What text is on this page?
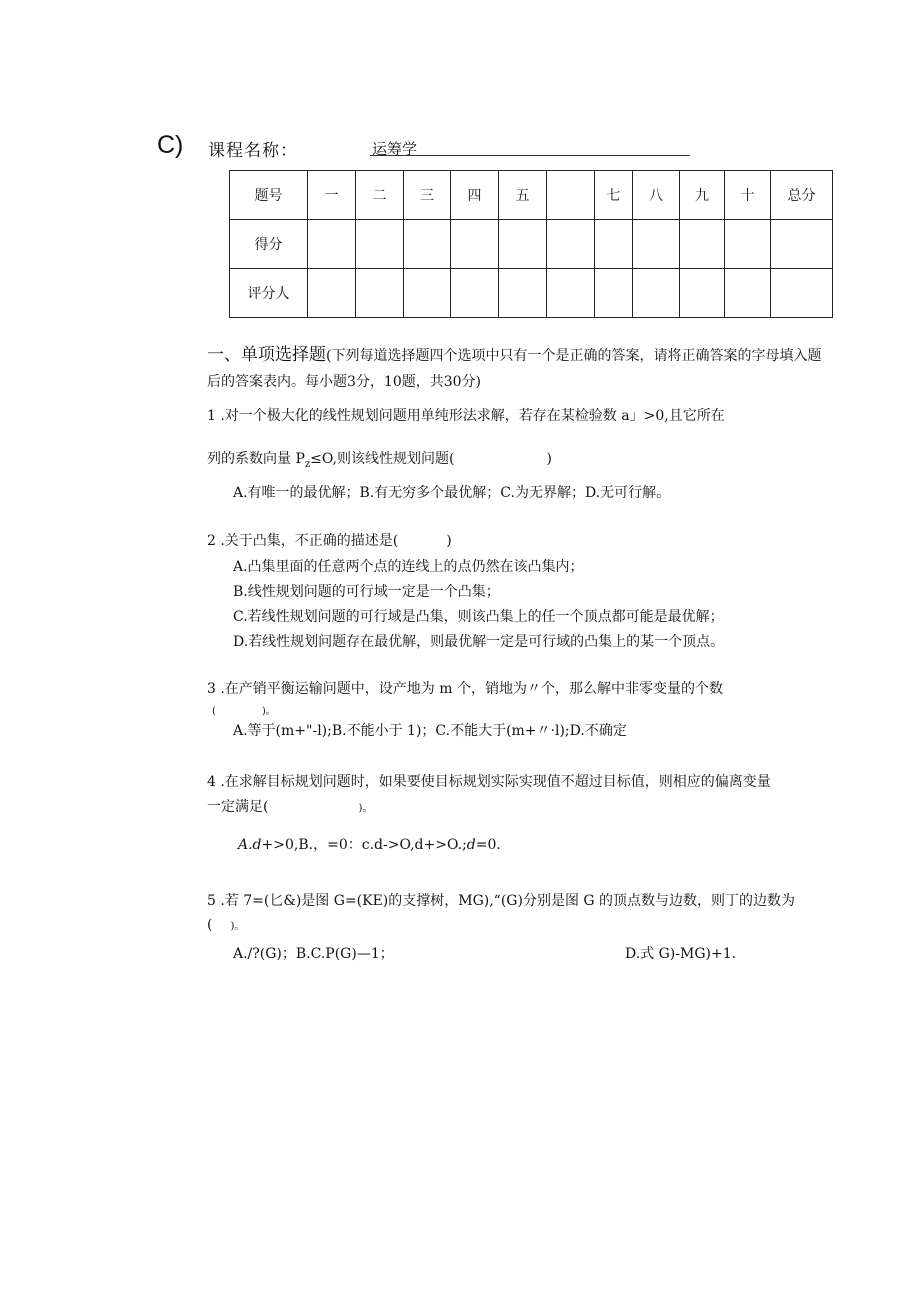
C) 课程名称：	运筹学
题号	一	二	三	四	五		七	八	九	十	总分
得分											
评分人											
一、单项选择题(下列每道选择题四个选项中只有一个是正确的答案，请将正确答案的字母填入题后的答案表内。每小题3分，10题，共30分)
1 .对一个极大化的线性规划问题用单纯形法求解，若存在某检验数 a」>0,且它所在
列的系数向量 $P_z\le O$,则该线性规划问题(	)
A.有唯一的最优解；B.有无穷多个最优解；C.为无界解；D.无可行解。
2 .关于凸集，不正确的描述是(	)
A.凸集里面的任意两个点的连线上的点仍然在该凸集内；
B.线性规划问题的可行域一定是一个凸集；
C.若线性规划问题的可行域是凸集，则该凸集上的任一个顶点都可能是最优解；
D.若线性规划问题存在最优解，则最优解一定是可行域的凸集上的某一个顶点。
3 .在产销平衡运输问题中，设产地为 m 个，销地为〃个，那么解中非零变量的个数
(	)。
A.等于(m+"-l);B.不能小于 1)；C.不能大于(m+〃·l);D.不确定
4 .在求解目标规划问题时，如果要使目标规划实际实现值不超过目标值，则相应的偏离变量
一定满足(	)。
A.d+>0,B.，=0：c.d->O,d+>O.;d=0.
5 .若 7=(匕&)是图 G=(KE)的支撑树，MG),“(G)分别是图 G 的顶点数与边数，则丁的边数为
( )。
A./?(G)；B.C.P(G)—1；	D.式 G)-MG)+1.
